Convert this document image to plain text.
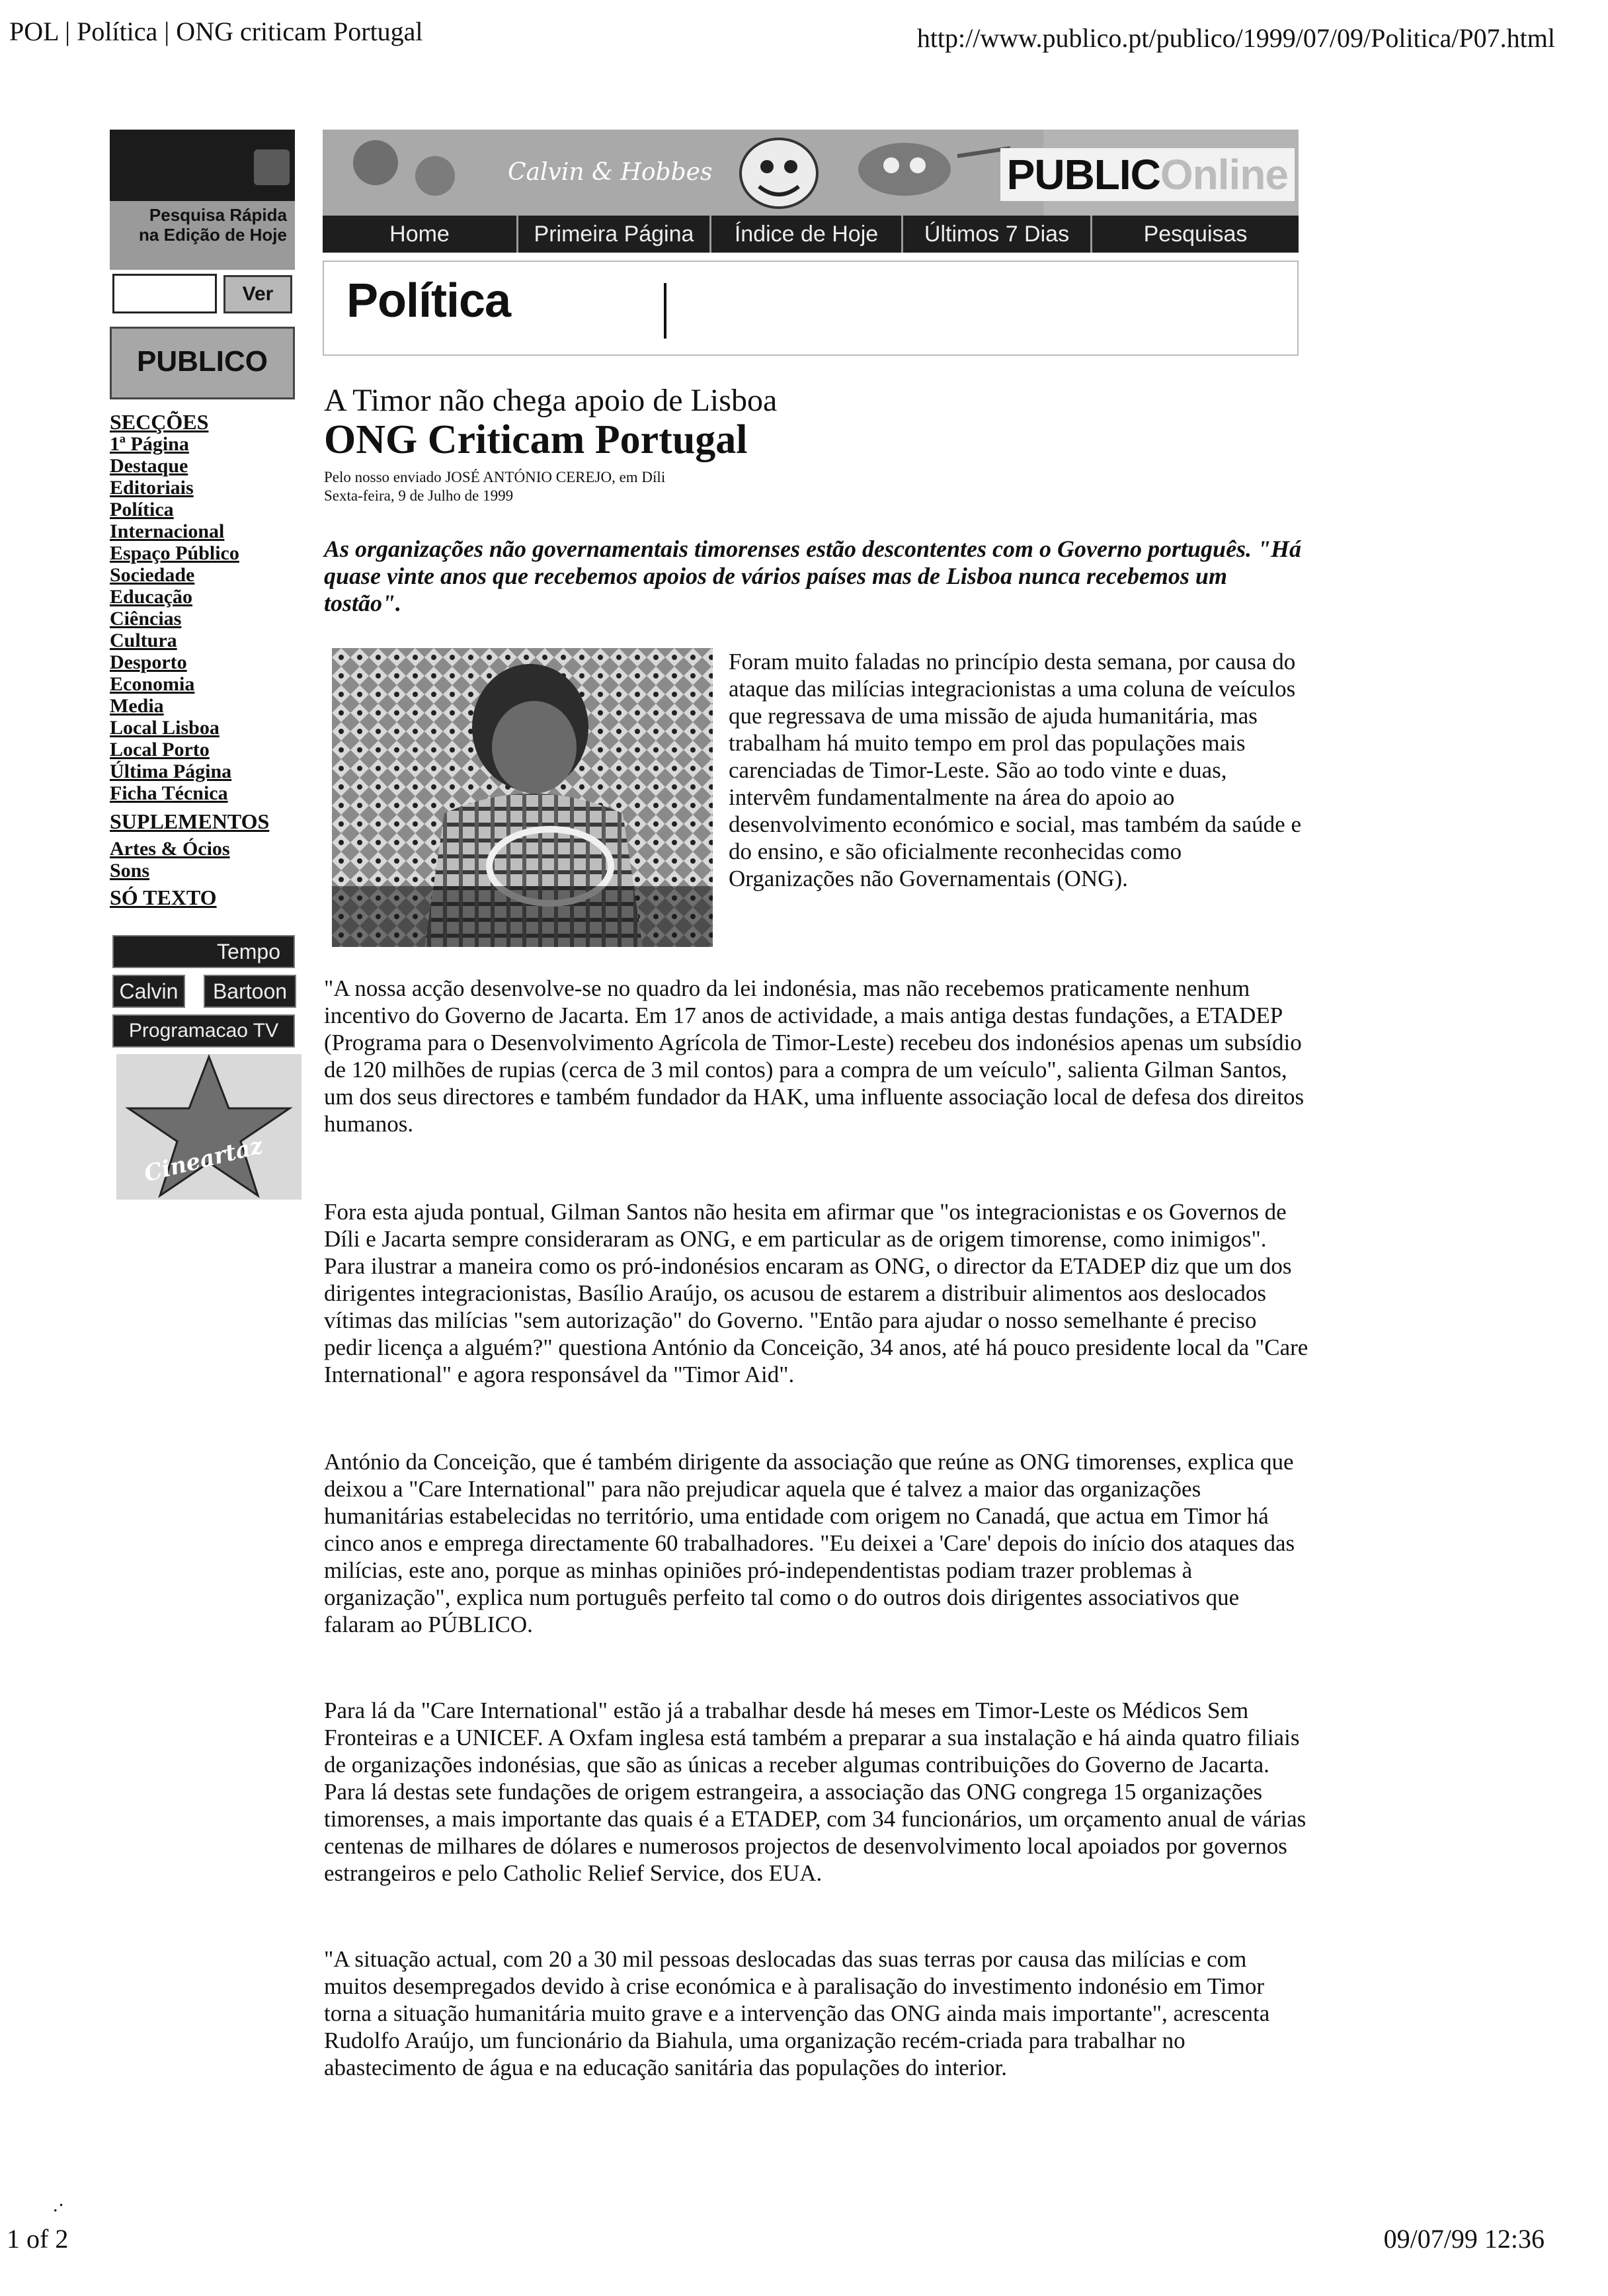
POL | Política | ONG criticam Portugal	http://www.publico.pt/publico/1999/07/09/Politica/P07.html
.·
1 of 2	09/07/99 12:36
Pesquisa Rápida
na Edição de Hoje
Ver
PUBLICO
SECÇÕES
1ª Página
Destaque
Editoriais
Política
Internacional
Espaço Público
Sociedade
Educação
Ciências
Cultura
Desporto
Economia
Media
Local Lisboa
Local Porto
Última Página
Ficha Técnica
SUPLEMENTOS
Artes & Ócios
Sons
SÓ TEXTO
Tempo
Calvin	Bartoon
Programacao TV
Cineartaz
Calvin & Hobbes	PUBLICOnline
Home	Primeira Página	Índice de Hoje	Últimos 7 Dias	Pesquisas
Política
A Timor não chega apoio de Lisboa
ONG Criticam Portugal
Pelo nosso enviado JOSÉ ANTÓNIO CEREJO, em Díli
Sexta-feira, 9 de Julho de 1999
As organizações não governamentais timorenses estão descontentes com o Governo português. "Há quase vinte anos que recebemos apoios de vários países mas de Lisboa nunca recebemos um tostão".
Foram muito faladas no princípio desta semana, por causa do ataque das milícias integracionistas a uma coluna de veículos que regressava de uma missão de ajuda humanitária, mas trabalham há muito tempo em prol das populações mais carenciadas de Timor-Leste. São ao todo vinte e duas, intervêm fundamentalmente na área do apoio ao desenvolvimento económico e social, mas também da saúde e do ensino, e são oficialmente reconhecidas como Organizações não Governamentais (ONG).
"A nossa acção desenvolve-se no quadro da lei indonésia, mas não recebemos praticamente nenhum incentivo do Governo de Jacarta. Em 17 anos de actividade, a mais antiga destas fundações, a ETADEP (Programa para o Desenvolvimento Agrícola de Timor-Leste) recebeu dos indonésios apenas um subsídio de 120 milhões de rupias (cerca de 3 mil contos) para a compra de um veículo", salienta Gilman Santos, um dos seus directores e também fundador da HAK, uma influente associação local de defesa dos direitos humanos.
Fora esta ajuda pontual, Gilman Santos não hesita em afirmar que "os integracionistas e os Governos de Díli e Jacarta sempre consideraram as ONG, e em particular as de origem timorense, como inimigos". Para ilustrar a maneira como os pró-indonésios encaram as ONG, o director da ETADEP diz que um dos dirigentes integracionistas, Basílio Araújo, os acusou de estarem a distribuir alimentos aos deslocados vítimas das milícias "sem autorização" do Governo. "Então para ajudar o nosso semelhante é preciso pedir licença a alguém?" questiona António da Conceição, 34 anos, até há pouco presidente local da "Care International" e agora responsável da "Timor Aid".
António da Conceição, que é também dirigente da associação que reúne as ONG timorenses, explica que deixou a "Care International" para não prejudicar aquela que é talvez a maior das organizações humanitárias estabelecidas no território, uma entidade com origem no Canadá, que actua em Timor há cinco anos e emprega directamente 60 trabalhadores. "Eu deixei a 'Care' depois do início dos ataques das milícias, este ano, porque as minhas opiniões pró-independentistas podiam trazer problemas à organização", explica num português perfeito tal como o do outros dois dirigentes associativos que falaram ao PÚBLICO.
Para lá da "Care International" estão já a trabalhar desde há meses em Timor-Leste os Médicos Sem Fronteiras e a UNICEF. A Oxfam inglesa está também a preparar a sua instalação e há ainda quatro filiais de organizações indonésias, que são as únicas a receber algumas contribuições do Governo de Jacarta. Para lá destas sete fundações de origem estrangeira, a associação das ONG congrega 15 organizações timorenses, a mais importante das quais é a ETADEP, com 34 funcionários, um orçamento anual de várias centenas de milhares de dólares e numerosos projectos de desenvolvimento local apoiados por governos estrangeiros e pelo Catholic Relief Service, dos EUA.
"A situação actual, com 20 a 30 mil pessoas deslocadas das suas terras por causa das milícias e com muitos desempregados devido à crise económica e à paralisação do investimento indonésio em Timor torna a situação humanitária muito grave e a intervenção das ONG ainda mais importante", acrescenta Rudolfo Araújo, um funcionário da Biahula, uma organização recém-criada para trabalhar no abastecimento de água e na educação sanitária das populações do interior.
